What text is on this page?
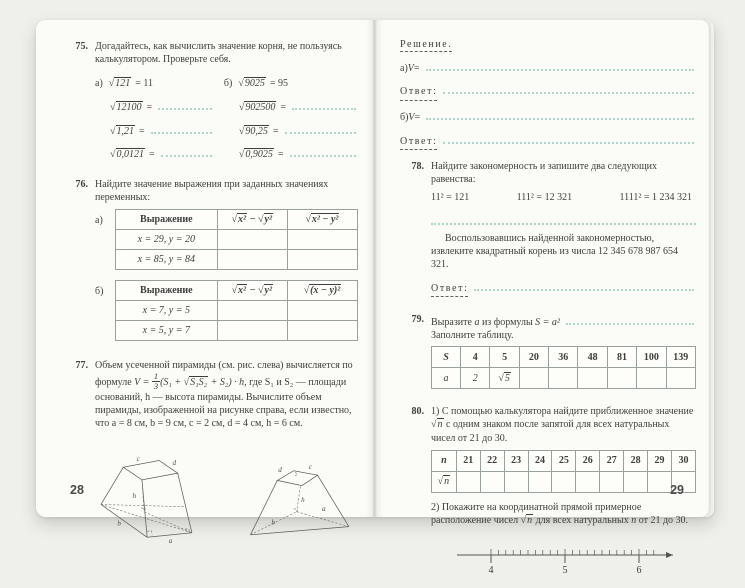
75. Догадайтесь, как вычислить значение корня, не пользуясь калькулятором. Проверьте себя.

а) √121 = 11
√12100 =
√1,21 =
√0,0121 =
б) √9025 = 95
√902500 =
√90,25 =
√0,9025 =
76. Найдите значение выражения при заданных значениях переменных:

а)	Выражение	√x² − √y²	√x² − y²
x = 29, y = 20		
x = 85, y = 84		
б)	Выражение	√x² − √y²	√(x − y)²
x = 7, y = 5		
x = 5, y = 7		
77. Объем усеченной пирамиды (см. рис. слева) вычисляется по формуле $V = \frac{1}{3} (S_1 + √S_1S_2 + S_2) \cdot h$, где S₁ и S₂ — площади оснований, h — высота пирамиды. Вычислите объем пирамиды, изображенной на рисунке справа, если известно, что a = 8 см, b = 9 см, c = 2 см, d = 4 см, h = 6 см.

c	d
h
b
a
d	c
h
b
a
28

Решение.

а) V =
Ответ:
б) V =
Ответ:
78. Найдите закономерность и запишите два следующих равенства:

11² = 121	111² = 12 321	1111² = 1 234 321

Воспользовавшись найденной закономерностью, извлеките квадратный корень из числа 12 345 678 987 654 321.

Ответ:
79. Выразите a из формулы S = a²

Заполните таблицу.

S	4	5	20	36	48	81	100	139
a	2	√5						
80. 1) С помощью калькулятора найдите приближенное значение √n с одним знаком после запятой для всех натуральных чисел от 21 до 30.

n	21	22	23	24	25	26	27	28	29	30
√n										

2) Покажите на координатной прямой примерное расположение чисел √n для всех натуральных n от 21 до 30.

4	5	6
29
